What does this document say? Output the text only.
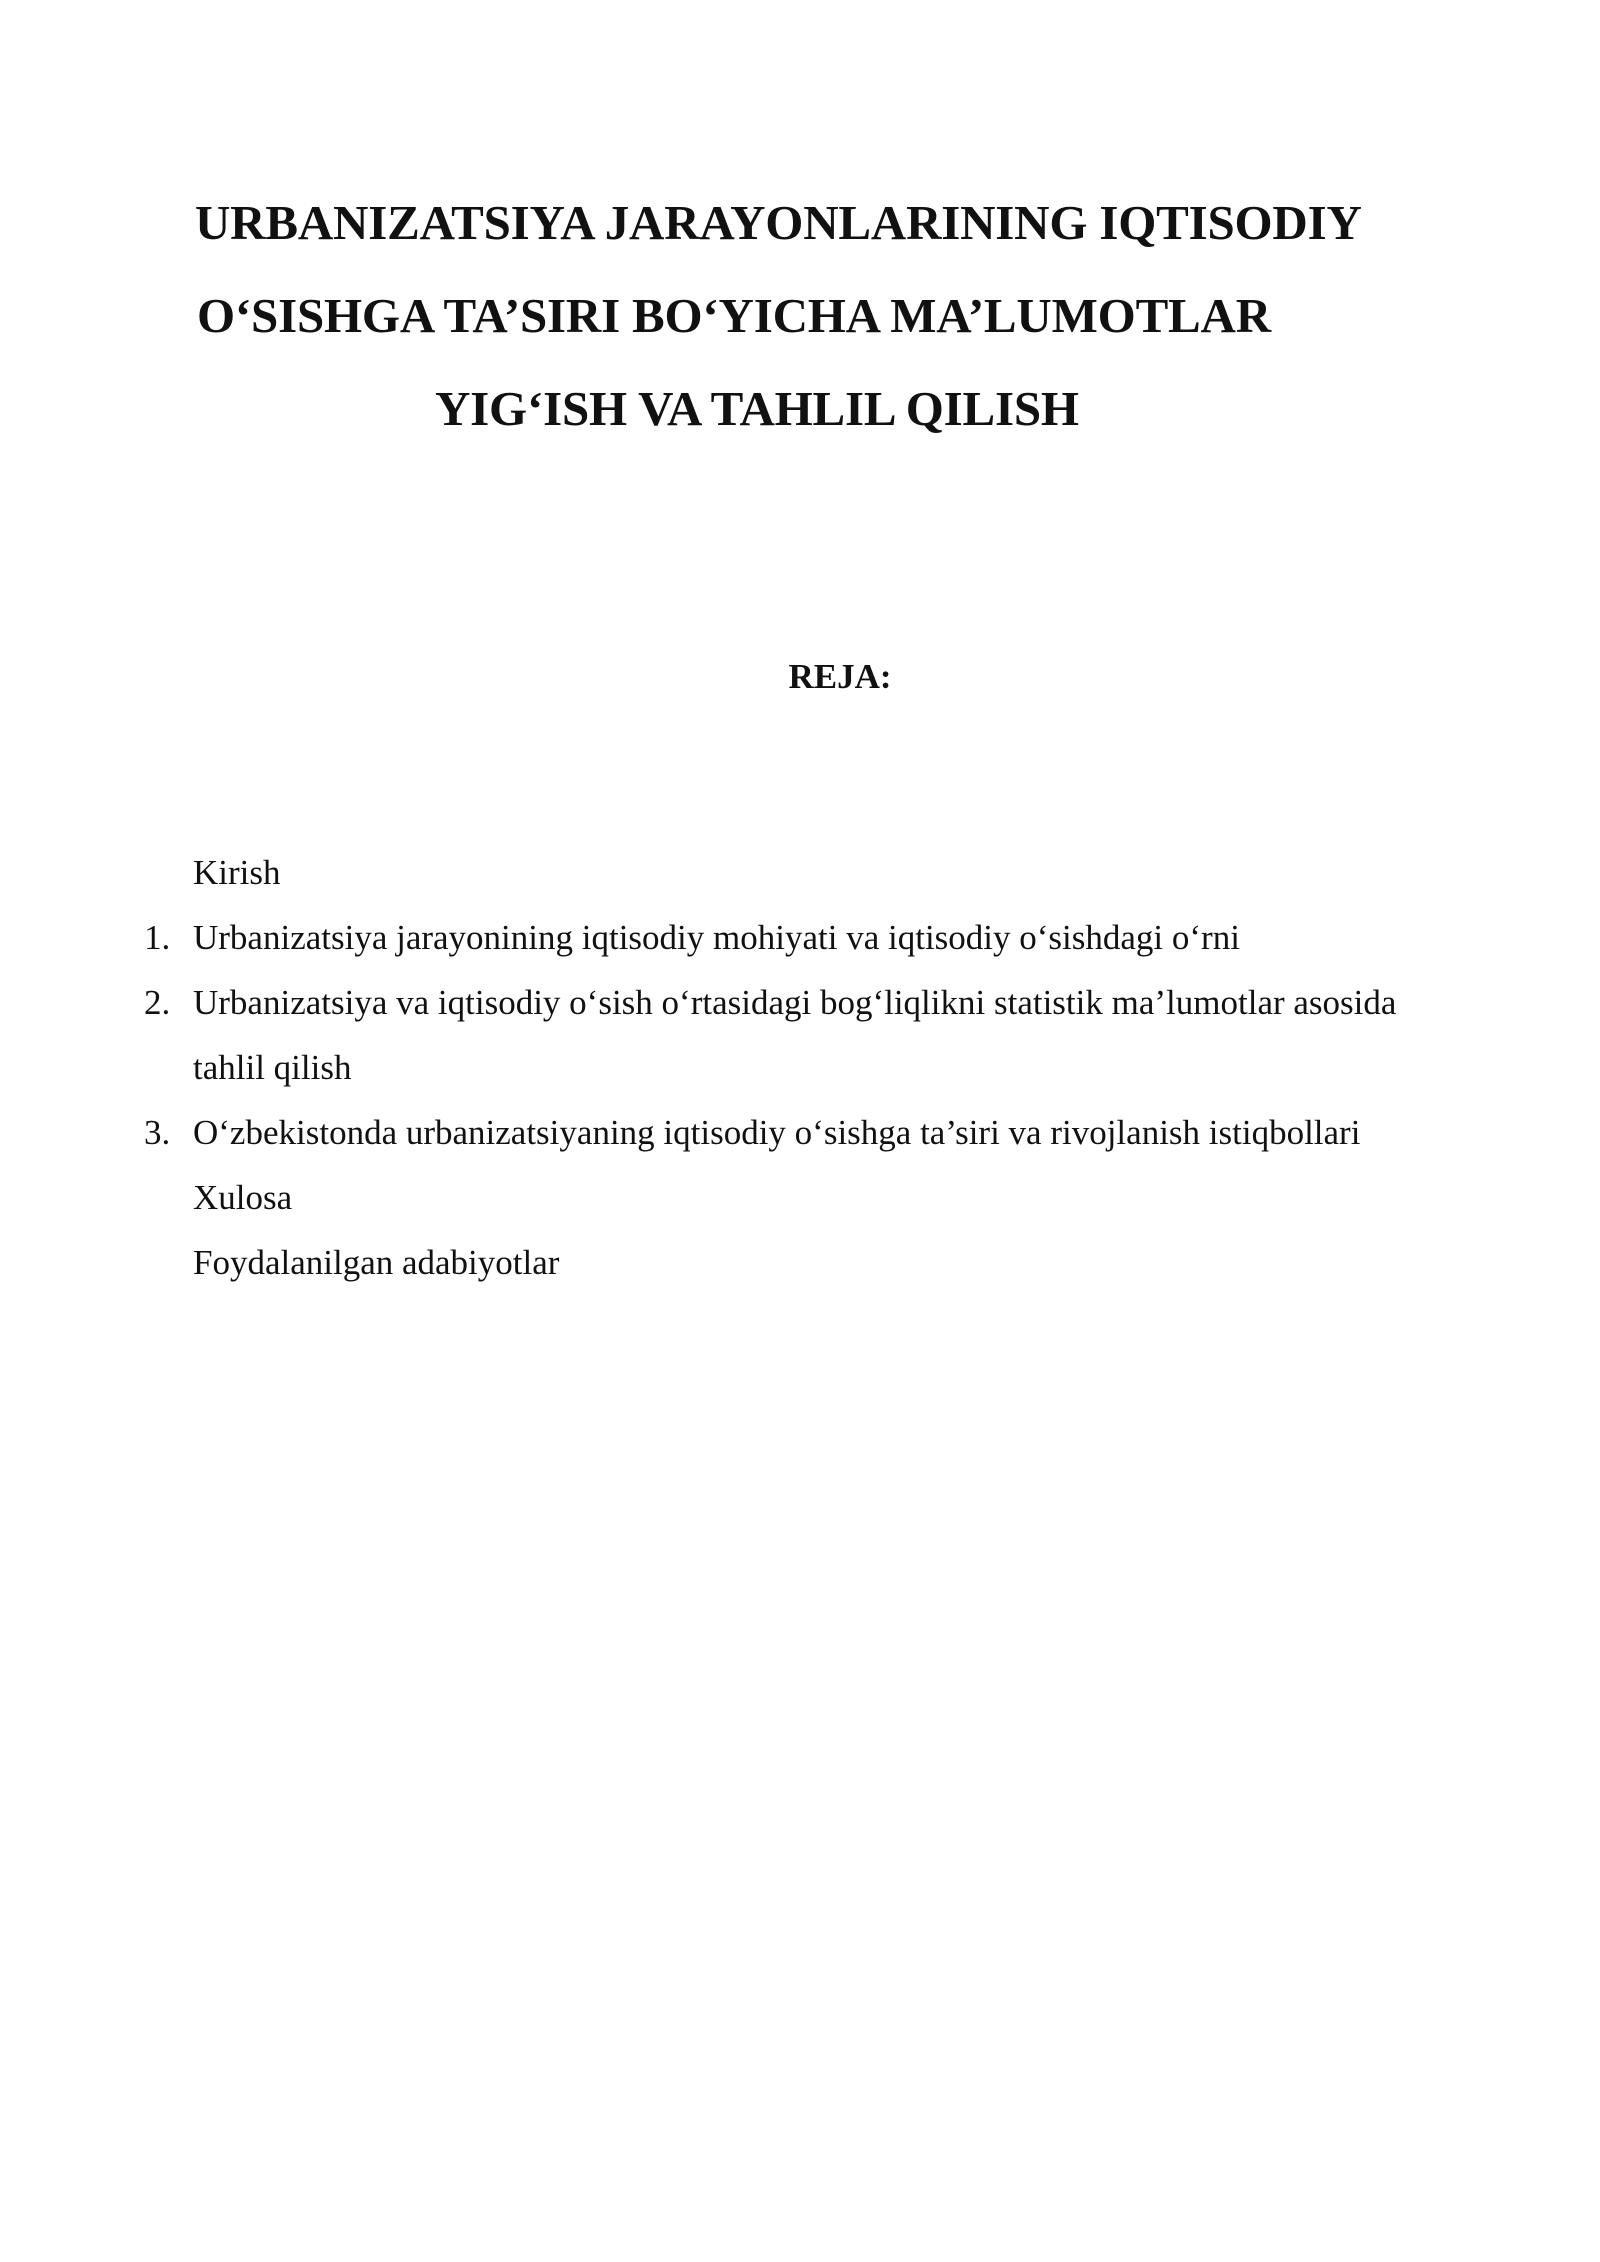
URBANIZATSIYA JARAYONLARINING IQTISODIY

O‘SISHGA TA’SIRI BO‘YICHA MA’LUMOTLAR

YIG‘ISH VA TAHLIL QILISH

REJA:

Kirish
1. Urbanizatsiya jarayonining iqtisodiy mohiyati va iqtisodiy o‘sishdagi o‘rni
2. Urbanizatsiya va iqtisodiy o‘sish o‘rtasidagi bog‘liqlikni statistik ma’lumotlar asosida
tahlil qilish
3. O‘zbekistonda urbanizatsiyaning iqtisodiy o‘sishga ta’siri va rivojlanish istiqbollari
Xulosa
Foydalanilgan adabiyotlar
